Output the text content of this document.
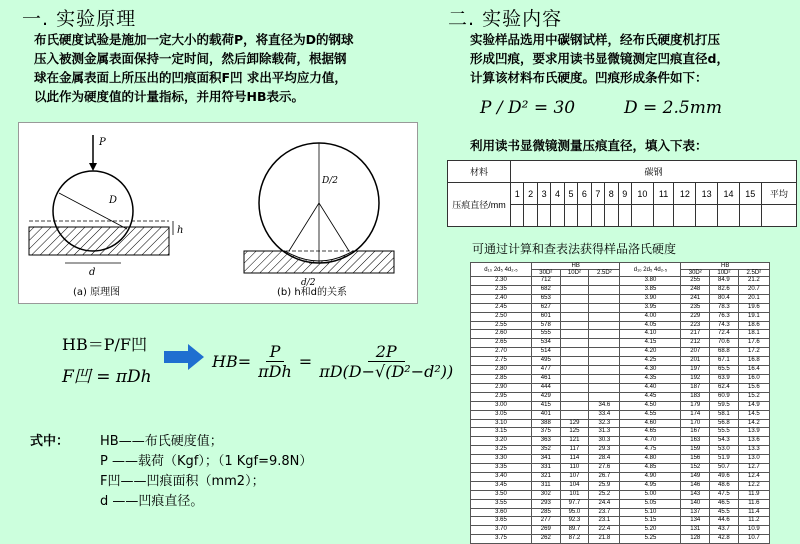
一. 实验原理
布氏硬度试验是施加一定大小的载荷P，将直径为D的钢球
压入被测金属表面保持一定时间，然后卸除载荷，根据钢
球在金属表面上所压出的凹痕面积F凹 求出平均应力值，
以此作为硬度值的计量指标，并用符号HB表示。
P
D
h
d
D/2
d/2
(a) 原理图	(b) h和d的关系
HB＝P/F凹
F凹 = πDh
HB=
P
πDh
= $\frac{2P}{\text{πD(D−√(D²−d²))}}$
式中： HB——布氏硬度值；
P ——载荷（Kgf）；（1 Kgf=9.8N）
F凹——凹痕面积（mm2）；
d ——凹痕直径。
二. 实验内容
实验样品选用中碳钢试样，经布氏硬度机打压
形成凹痕，要求用读书显微镜测定凹痕直径d，
计算该材料布氏硬度。凹痕形成条件如下：
P / D² = 30	D = 2.5mm
利用读书显微镜测量压痕直径，填入下表：
材料	碳钢															
压痕直径/mm	1	2	3	4	5	6	7	8	9	10	11	12	13	14	15	平均

可通过计算和查表法获得样品洛氏硬度
d₁₀ 2d₅ 4d₂.₅	HB			d₁₀ 2d₅ 4d₂.₅	HB		
	30D²	10D²	2.5D²		30D²	10D²	2.5D²
2.30	712			3.80	255	84.9	21.2
2.35	682			3.85	248	82.6	20.7
2.40	653			3.90	241	80.4	20.1
2.45	627			3.95	235	78.3	19.6
2.50	601			4.00	229	76.3	19.1
2.55	578			4.05	223	74.3	18.6
2.60	555			4.10	217	72.4	18.1
2.65	534			4.15	212	70.6	17.6
2.70	514			4.20	207	68.8	17.2
2.75	495			4.25	201	67.1	16.8
2.80	477			4.30	197	65.5	16.4
2.85	461			4.35	192	63.9	16.0
2.90	444			4.40	187	62.4	15.6
2.95	429			4.45	183	60.9	15.2
3.00	415		34.6	4.50	179	59.5	14.9
3.05	401		33.4	4.55	174	58.1	14.5
3.10	388	129	32.3	4.60	170	56.8	14.2
3.15	375	125	31.3	4.65	167	55.5	13.9
3.20	363	121	30.3	4.70	163	54.3	13.6
3.25	352	117	29.3	4.75	159	53.0	13.3
3.30	341	114	28.4	4.80	156	51.9	13.0
3.35	331	110	27.6	4.85	152	50.7	12.7
3.40	321	107	26.7	4.90	149	49.6	12.4
3.45	311	104	25.9	4.95	146	48.6	12.2
3.50	302	101	25.2	5.00	143	47.5	11.9
3.55	293	97.7	24.4	5.05	140	46.5	11.6
3.60	285	95.0	23.7	5.10	137	45.5	11.4
3.65	277	92.3	23.1	5.15	134	44.6	11.2
3.70	269	89.7	22.4	5.20	131	43.7	10.9
3.75	262	87.2	21.8	5.25	128	42.8	10.7
